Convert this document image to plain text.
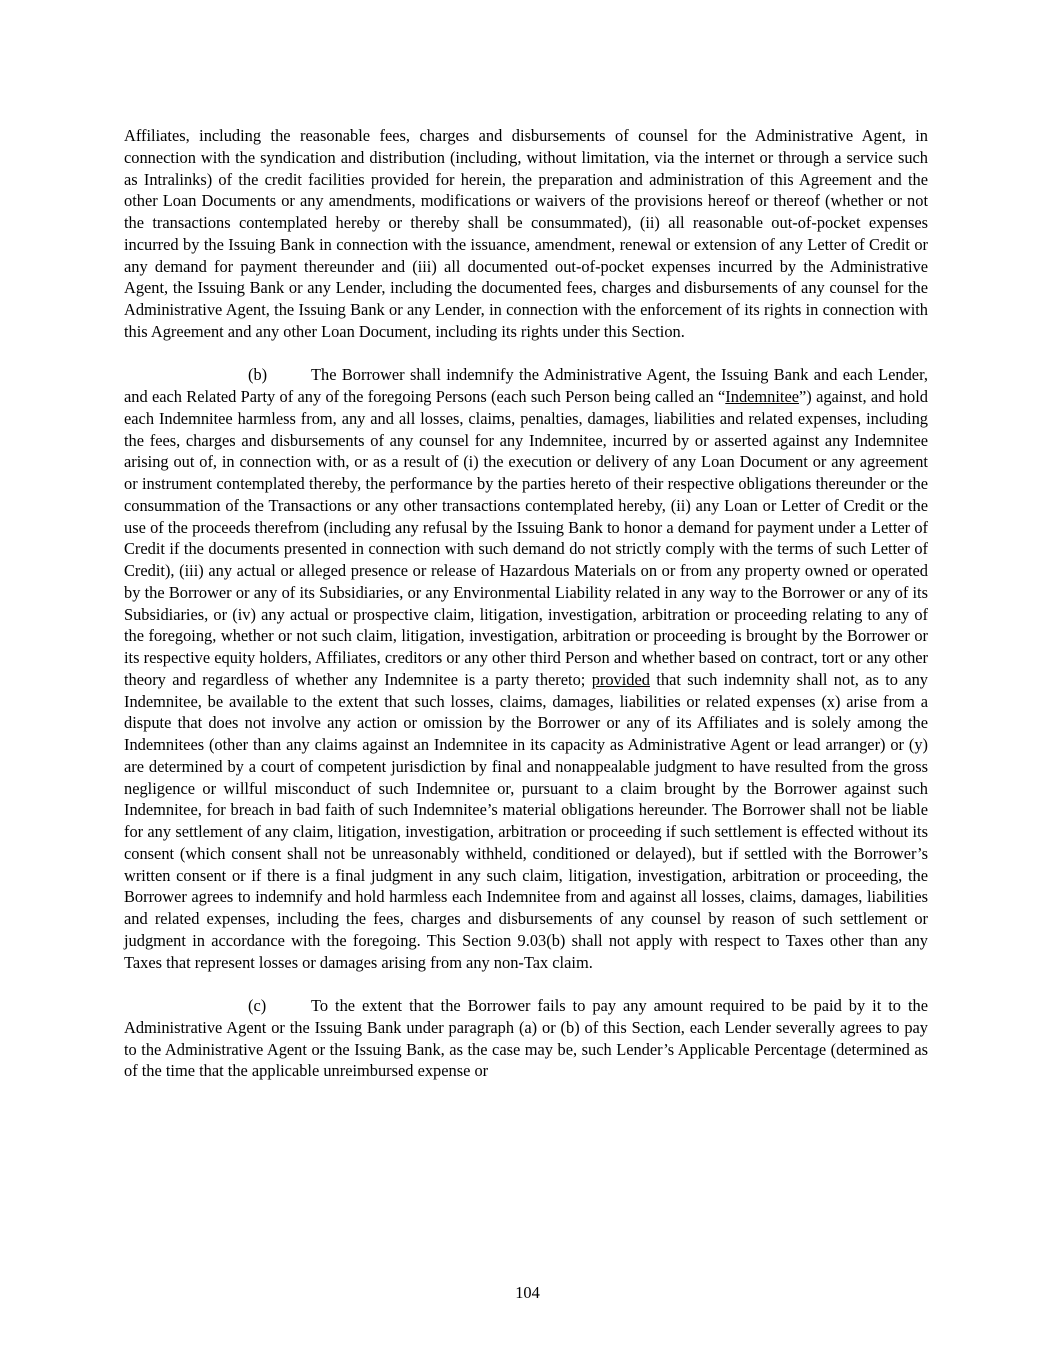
Affiliates, including the reasonable fees, charges and disbursements of counsel for the Administrative Agent, in connection with the syndication and distribution (including, without limitation, via the internet or through a service such as Intralinks) of the credit facilities provided for herein, the preparation and administration of this Agreement and the other Loan Documents or any amendments, modifications or waivers of the provisions hereof or thereof (whether or not the transactions contemplated hereby or thereby shall be consummated), (ii) all reasonable out-of-pocket expenses incurred by the Issuing Bank in connection with the issuance, amendment, renewal or extension of any Letter of Credit or any demand for payment thereunder and (iii) all documented out-of-pocket expenses incurred by the Administrative Agent, the Issuing Bank or any Lender, including the documented fees, charges and disbursements of any counsel for the Administrative Agent, the Issuing Bank or any Lender, in connection with the enforcement of its rights in connection with this Agreement and any other Loan Document, including its rights under this Section.

(b)	The Borrower shall indemnify the Administrative Agent, the Issuing Bank and each Lender, and each Related Party of any of the foregoing Persons (each such Person being called an “Indemnitee”) against, and hold each Indemnitee harmless from, any and all losses, claims, penalties, damages, liabilities and related expenses, including the fees, charges and disbursements of any counsel for any Indemnitee, incurred by or asserted against any Indemnitee arising out of, in connection with, or as a result of (i) the execution or delivery of any Loan Document or any agreement or instrument contemplated thereby, the performance by the parties hereto of their respective obligations thereunder or the consummation of the Transactions or any other transactions contemplated hereby, (ii) any Loan or Letter of Credit or the use of the proceeds therefrom (including any refusal by the Issuing Bank to honor a demand for payment under a Letter of Credit if the documents presented in connection with such demand do not strictly comply with the terms of such Letter of Credit), (iii) any actual or alleged presence or release of Hazardous Materials on or from any property owned or operated by the Borrower or any of its Subsidiaries, or any Environmental Liability related in any way to the Borrower or any of its Subsidiaries, or (iv) any actual or prospective claim, litigation, investigation, arbitration or proceeding relating to any of the foregoing, whether or not such claim, litigation, investigation, arbitration or proceeding is brought by the Borrower or its respective equity holders, Affiliates, creditors or any other third Person and whether based on contract, tort or any other theory and regardless of whether any Indemnitee is a party thereto; provided that such indemnity shall not, as to any Indemnitee, be available to the extent that such losses, claims, damages, liabilities or related expenses (x) arise from a dispute that does not involve any action or omission by the Borrower or any of its Affiliates and is solely among the Indemnitees (other than any claims against an Indemnitee in its capacity as Administrative Agent or lead arranger) or (y) are determined by a court of competent jurisdiction by final and nonappealable judgment to have resulted from the gross negligence or willful misconduct of such Indemnitee or, pursuant to a claim brought by the Borrower against such Indemnitee, for breach in bad faith of such Indemnitee’s material obligations hereunder. The Borrower shall not be liable for any settlement of any claim, litigation, investigation, arbitration or proceeding if such settlement is effected without its consent (which consent shall not be unreasonably withheld, conditioned or delayed), but if settled with the Borrower’s written consent or if there is a final judgment in any such claim, litigation, investigation, arbitration or proceeding, the Borrower agrees to indemnify and hold harmless each Indemnitee from and against all losses, claims, damages, liabilities and related expenses, including the fees, charges and disbursements of any counsel by reason of such settlement or judgment in accordance with the foregoing. This Section 9.03(b) shall not apply with respect to Taxes other than any Taxes that represent losses or damages arising from any non-Tax claim.

(c)	To the extent that the Borrower fails to pay any amount required to be paid by it to the Administrative Agent or the Issuing Bank under paragraph (a) or (b) of this Section, each Lender severally agrees to pay to the Administrative Agent or the Issuing Bank, as the case may be, such Lender’s Applicable Percentage (determined as of the time that the applicable unreimbursed expense or

104
